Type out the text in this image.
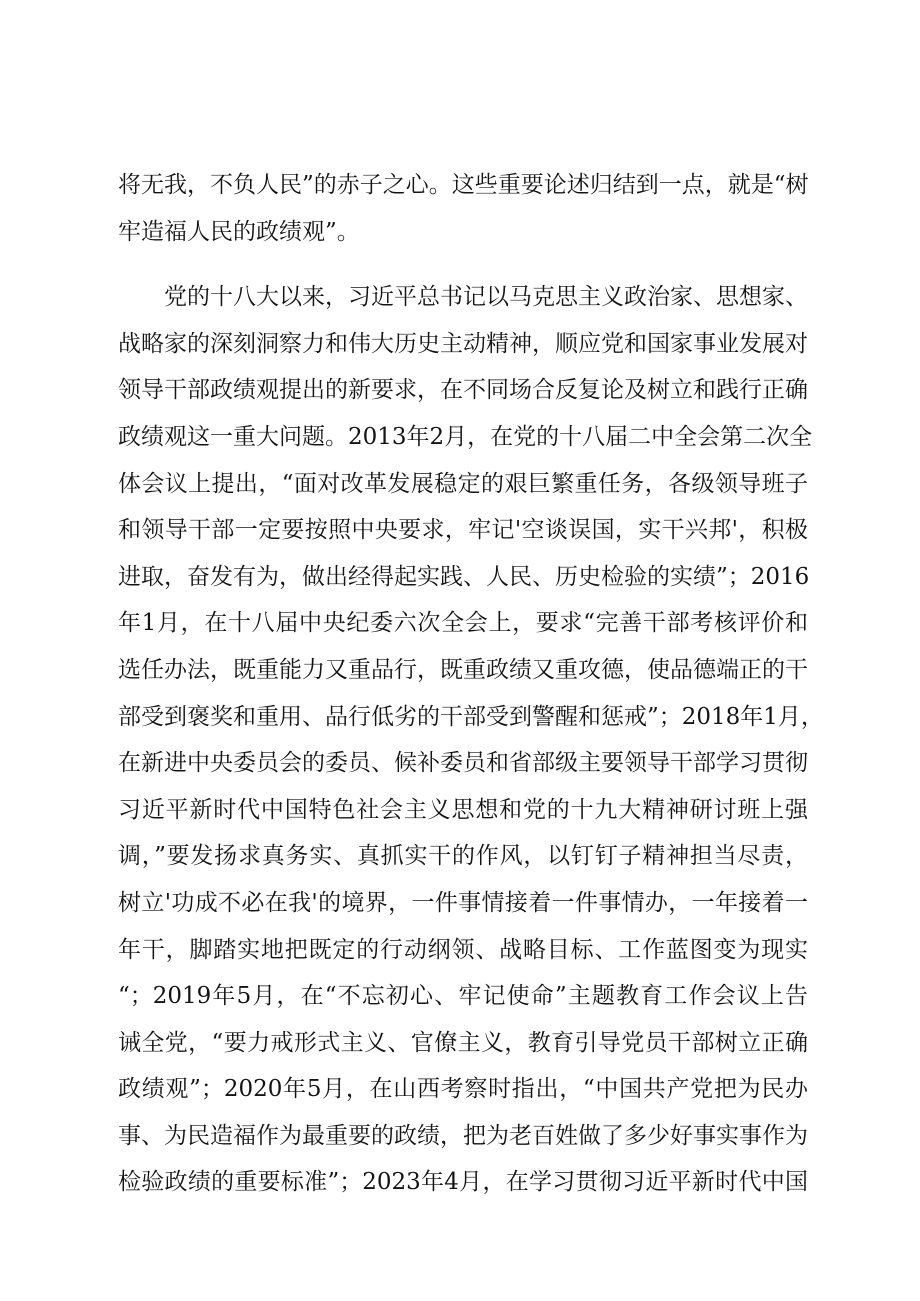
将无我，不负人民”的赤子之心。这些重要论述归结到一点，就是“树
牢造福人民的政绩观”。
党的十八大以来，习近平总书记以马克思主义政治家、思想家、
战略家的深刻洞察力和伟大历史主动精神，顺应党和国家事业发展对
领导干部政绩观提出的新要求，在不同场合反复论及树立和践行正确
政绩观这一重大问题。2013年2月，在党的十八届二中全会第二次全
体会议上提出，“面对改革发展稳定的艰巨繁重任务，各级领导班子
和领导干部一定要按照中央要求，牢记'空谈误国，实干兴邦'，积极
进取，奋发有为，做出经得起实践、人民、历史检验的实绩”；2016
年1月，在十八届中央纪委六次全会上，要求“完善干部考核评价和
选任办法，既重能力又重品行，既重政绩又重攻德，使品德端正的干
部受到褒奖和重用、品行低劣的干部受到警醒和惩戒”；2018年1月，
在新进中央委员会的委员、候补委员和省部级主要领导干部学习贯彻
习近平新时代中国特色社会主义思想和党的十九大精神研讨班上强
调，”要发扬求真务实、真抓实干的作风，以钉钉子精神担当尽责，
树立'功成不必在我'的境界，一件事情接着一件事情办，一年接着一
年干，脚踏实地把既定的行动纲领、战略目标、工作蓝图变为现实
“；2019年5月，在“不忘初心、牢记使命”主题教育工作会议上告
诫全党，“要力戒形式主义、官僚主义，教育引导党员干部树立正确
政绩观”；2020年5月，在山西考察时指出，“中国共产党把为民办
事、为民造福作为最重要的政绩，把为老百姓做了多少好事实事作为
检验政绩的重要标准”；2023年4月，在学习贯彻习近平新时代中国
